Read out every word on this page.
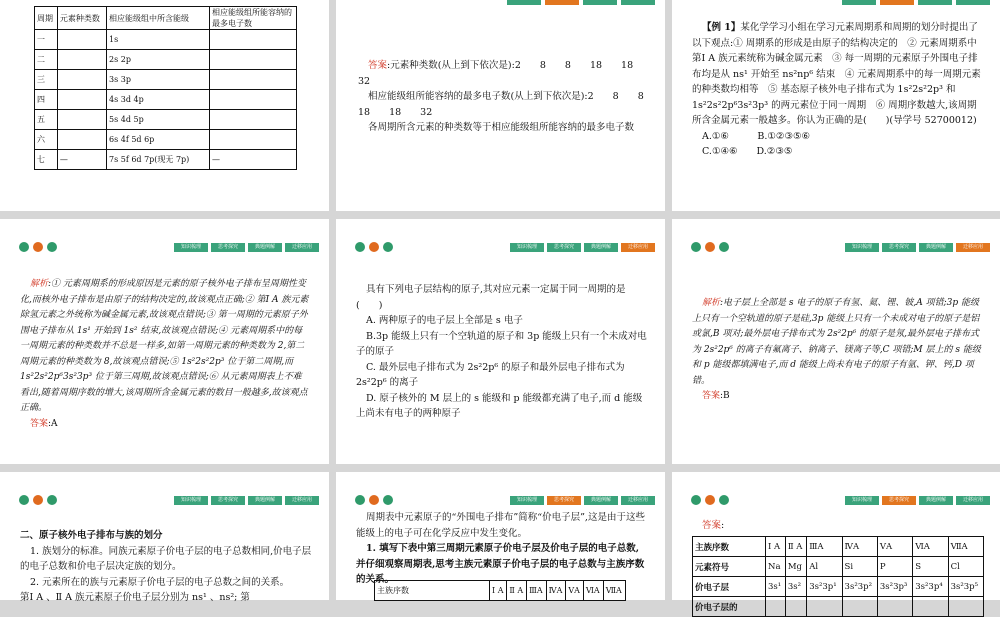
周期	元素种类数	相应能级组中所含能级	相应能级组所能容纳的最多电子数
一		1s	
二		2s 2p	
三		3s 3p	
四		4s 3d 4p	
五		5s 4d 5p	
六		6s 4f 5d 6p	
七	—	7s 5f 6d 7p(现无 7p)	—
答案:元素种类数(从上到下依次是):2　　8　　8　　18　　18　　32
相应能级组所能容纳的最多电子数(从上到下依次是):2　　8　　8　　18　　18　　32
各周期所含元素的种类数等于相应能级组所能容纳的最多电子数
【例 1】某化学学习小组在学习元素周期系和周期的划分时提出了以下观点:① 周期系的形成是由原子的结构决定的　② 元素周期系中第Ⅰ A 族元素统称为碱金属元素　③ 每一周期的元素原子外围电子排布均是从 ns¹ 开始至 ns²np⁶ 结束　④ 元素周期系中的每一周期元素的种类数均相等　⑤ 基态原子核外电子排布式为 1s²2s²2p³ 和 1s²2s²2p⁶3s²3p³ 的两元素位于同一周期　⑥ 周期序数越大,该周期所含金属元素一般越多。你认为正确的是(　　)(导学号 52700012)
A.①⑥　　　B.①②③⑤⑥
C.①④⑥　　D.②③⑤
知识梳理	思考探究	典题例解	迁移应用
解析:① 元素周期系的形成原因是元素的原子核外电子排布呈周期性变化,而核外电子排布是由原子的结构决定的,故该观点正确;② 第Ⅰ A 族元素除氢元素之外统称为碱金属元素,故该观点错误;③ 第一周期的元素原子外围电子排布从 1s¹ 开始到 1s² 结束,故该观点错误;④ 元素周期系中的每一周期元素的种类数并不总是一样多,如第一周期元素的种类数为 2,第二周期元素的种类数为 8,故该观点错误;⑤ 1s²2s²2p³ 位于第二周期,而 1s²2s²2p⁶3s²3p³ 位于第三周期,故该观点错误;⑥ 从元素周期表上不难看出,随着周期序数的增大,该周期所含金属元素的数目一般越多,故该观点正确。
答案:A
知识梳理	思考探究	典题例解	迁移应用
具有下列电子层结构的原子,其对应元素一定属于同一周期的是(　　)
A. 两种原子的电子层上全部是 s 电子
B.3p 能级上只有一个空轨道的原子和 3p 能级上只有一个未成对电子的原子
C. 最外层电子排布式为 2s²2p⁶ 的原子和最外层电子排布式为 2s²2p⁶ 的离子
D. 原子核外的 M 层上的 s 能级和 p 能级都充满了电子,而 d 能级上尚未有电子的两种原子
知识梳理	思考探究	典题例解	迁移应用
解析:电子层上全部是 s 电子的原子有氢、氦、锂、铍,A 项错;3p 能级上只有一个空轨道的原子是硅,3p 能级上只有一个未成对电子的原子是铝或氯,B 项对;最外层电子排布式为 2s²2p⁶ 的原子是氖,最外层电子排布式为 2s²2p⁶ 的离子有氟离子、钠离子、镁离子等,C 项错;M 层上的 s 能级和 p 能级都填满电子,而 d 能级上尚未有电子的原子有氩、钾、钙,D 项错。
答案:B
知识梳理	思考探究	典题例解	迁移应用
二、原子核外电子排布与族的划分
1. 族划分的标准。同族元素原子价电子层的电子总数相同,价电子层的电子总数和价电子层决定族的划分。
2. 元素所在的族与元素原子价电子层的电子总数之间的关系。
第Ⅰ A 、Ⅱ A 族元素原子价电子层分别为 ns¹ 、ns²; 第
知识梳理	思考探究	典题例解	迁移应用
周期表中元素原子的“外围电子排布”简称“价电子层”,这是由于这些能级上的电子可在化学反应中发生变化。
1. 填写下表中第三周期元素原子价电子层及价电子层的电子总数,并仔细观察周期表,思考主族元素原子价电子层的电子总数与主族序数的关系。
主族序数	Ⅰ A	Ⅱ A	ⅢA	ⅣA	ⅤA	ⅥA	ⅦA
知识梳理	思考探究	典题例解	迁移应用
答案:
主族序数	Ⅰ A	Ⅱ A	ⅢA	ⅣA	ⅤA	ⅥA	ⅦA
元素符号	Na	Mg	Al	Si	P	S	Cl
价电子层	3s¹	3s²	3s²3p¹	3s²3p²	3s²3p³	3s²3p⁴	3s²3p⁵
价电子层的							
